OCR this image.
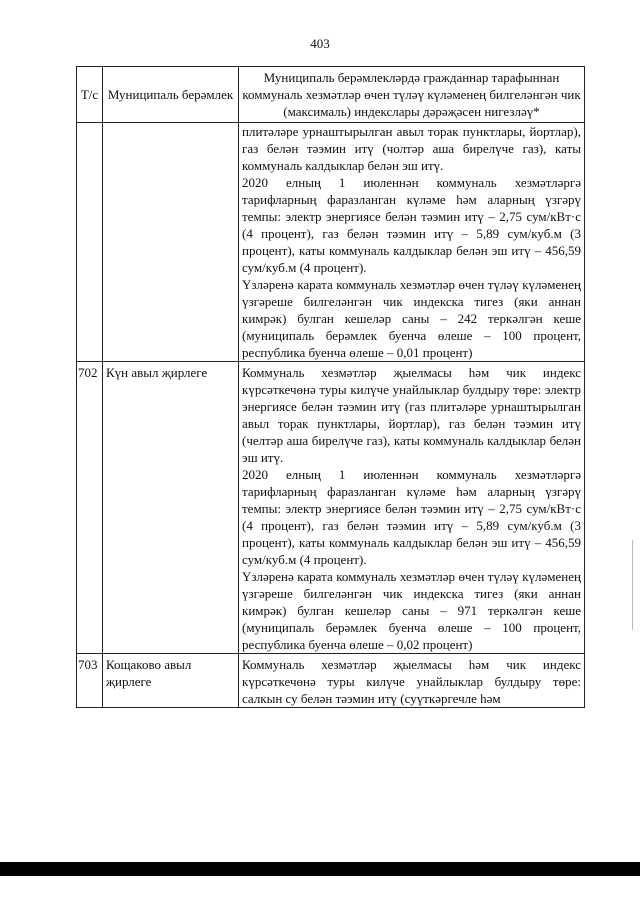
403
Т/с	Муниципаль берәмлек	Муниципаль берәмлекләрдә гражданнар тарафыннан коммуналь хезмәтләр өчен түләү күләменең билгеләнгән чик (максималь) индекслары дәрәҗәсен нигезләү*

		плитәләре урнаштырылган авыл торак пунктлары, йортлар), газ белән тәэмин итү (чолтәр аша бирелүче газ), каты коммуналь калдыклар белән эш итү.

2020 елның 1 июленнән коммуналь хезмәтләргә тарифларның фаразланган күләме һәм аларның үзгәрү темпы: электр энергиясе белән тәэмин итү – 2,75 сум/кВт·с (4 процент), газ белән тәэмин итү – 5,89 сум/куб.м (3 процент), каты коммуналь калдыклар белән эш итү – 456,59 сум/куб.м (4 процент).

Үзләренә карата коммуналь хезмәтләр өчен түләү күләменең үзгәреше билгеләнгән чик индекска тигез (яки аннан кимрәк) булган кешеләр саны – 242 теркәлгән кеше (муниципаль берәмлек буенча өлеше – 100 процент, республика буенча өлеше – 0,01 процент)

702	Күн авыл җирлеге	Коммуналь хезмәтләр җыелмасы һәм чик индекс күрсәткечөнә туры килүче унайлыклар булдыру төре: электр энергиясе белән тәэмин итү (газ плитәләре урнаштырылган авыл торак пунктлары, йортлар), газ белән тәэмин итү (челтәр аша бирелүче газ), каты коммуналь калдыклар белән эш итү.

2020 елның 1 июленнән коммуналь хезмәтләргә тарифларның фаразланган күләме һәм аларның үзгәрү темпы: электр энергиясе белән тәэмин итү – 2,75 сум/кВт·с (4 процент), газ белән тәэмин итү – 5,89 сум/куб.м (3 процент), каты коммуналь калдыклар белән эш итү – 456,59 сум/куб.м (4 процент).

Үзләренә карата коммуналь хезмәтләр өчен түләү күләменең үзгәреше билгеләнгән чик индекска тигез (яки аннан кимрәк) булган кешеләр саны – 971 теркәлгән кеше (муниципаль берәмлек буенча өлеше – 100 процент, республика буенча өлеше – 0,02 процент)

703	Кощаково авыл җирлеге	Коммуналь хезмәтләр җыелмасы һәм чик индекс күрсәткечөнә туры килүче унайлыклар булдыру төре: салкын су белән тәэмин итү (суүткәргечле һәм
